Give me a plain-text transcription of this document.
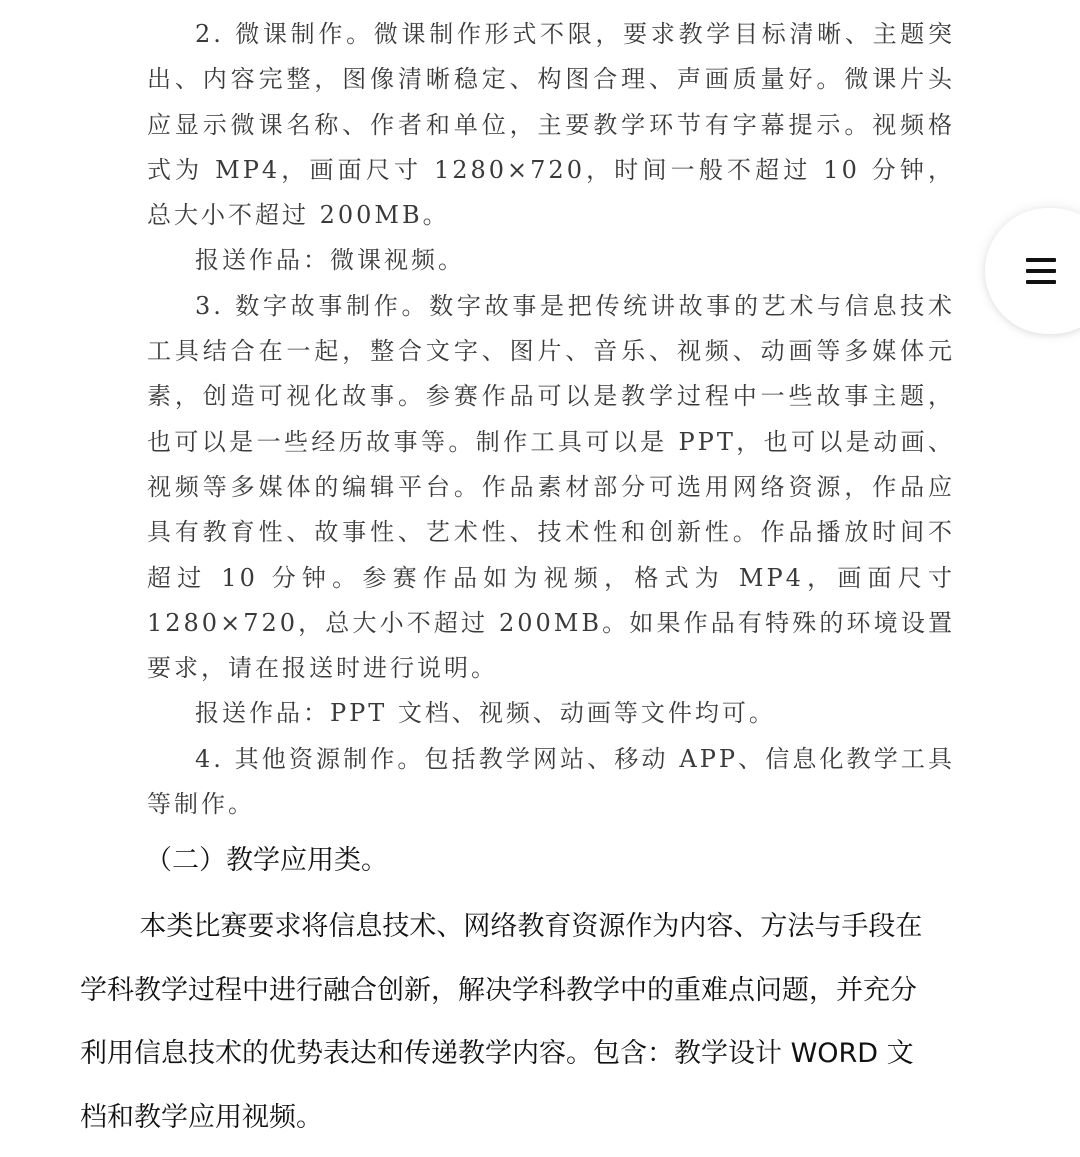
2. 微课制作。微课制作形式不限，要求教学目标清晰、主题突出、内容完整，图像清晰稳定、构图合理、声画质量好。微课片头应显示微课名称、作者和单位，主要教学环节有字幕提示。视频格式为 MP4，画面尺寸 1280×720，时间一般不超过 10 分钟，总大小不超过 200MB。

报送作品：微课视频。

3. 数字故事制作。数字故事是把传统讲故事的艺术与信息技术工具结合在一起，整合文字、图片、音乐、视频、动画等多媒体元素，创造可视化故事。参赛作品可以是教学过程中一些故事主题，也可以是一些经历故事等。制作工具可以是 PPT，也可以是动画、视频等多媒体的编辑平台。作品素材部分可选用网络资源，作品应具有教育性、故事性、艺术性、技术性和创新性。作品播放时间不超过 10 分钟。参赛作品如为视频，格式为 MP4，画面尺寸 1280×720，总大小不超过 200MB。如果作品有特殊的环境设置要求，请在报送时进行说明。

报送作品：PPT 文档、视频、动画等文件均可。

4. 其他资源制作。包括教学网站、移动 APP、信息化教学工具等制作。

（二）教学应用类。

本类比赛要求将信息技术、网络教育资源作为内容、方法与手段在学科教学过程中进行融合创新，解决学科教学中的重难点问题，并充分利用信息技术的优势表达和传递教学内容。包含：教学设计 WORD 文档和教学应用视频。
